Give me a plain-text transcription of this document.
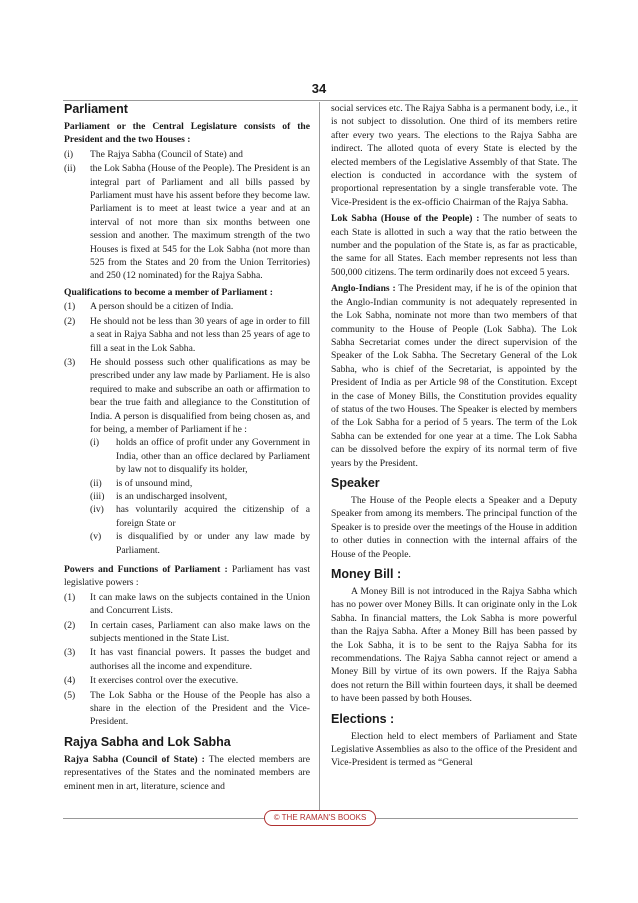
34
Parliament

Parliament or the Central Legislature consists of the President and the two Houses :

(i)	The Rajya Sabha (Council of State) and
(ii)	the Lok Sabha (House of the People). The President is an integral part of Parliament and all bills passed by Parliament must have his assent before they become law. Parliament is to meet at least twice a year and at an interval of not more than six months between one session and another. The maximum strength of the two Houses is fixed at 545 for the Lok Sabha (not more than 525 from the States and 20 from the Union Territories) and 250 (12 nominated) for the Rajya Sabha.

Qualifications to become a member of Parliament :

(1)	A person should be a citizen of India.
(2)	He should not be less than 30 years of age in order to fill a seat in Rajya Sabha and not less than 25 years of age to fill a seat in the Lok Sabha.
(3)	He should possess such other qualifications as may be prescribed under any law made by Parliament. He is also required to make and subscribe an oath or affirmation to bear the true faith and allegiance to the Constitution of India. A person is disqualified from being chosen as, and for being, a member of Parliament if he :
(i)	holds an office of profit under any Government in India, other than an office declared by Parliament by law not to disqualify its holder,
(ii)	is of unsound mind,
(iii)	is an undischarged insolvent,
(iv)	has voluntarily acquired the citizenship of a foreign State or
(v)	is disqualified by or under any law made by Parliament.

Powers and Functions of Parliament : Parliament has vast legislative powers :

(1)	It can make laws on the subjects contained in the Union and Concurrent Lists.
(2)	In certain cases, Parliament can also make laws on the subjects mentioned in the State List.
(3)	It has vast financial powers. It passes the budget and authorises all the income and expenditure.
(4)	It exercises control over the executive.
(5)	The Lok Sabha or the House of the People has also a share in the election of the President and the Vice-President.
Rajya Sabha and Lok Sabha

Rajya Sabha (Council of State) : The elected members are representatives of the States and the nominated members are eminent men in art, literature, science and

social services etc. The Rajya Sabha is a permanent body, i.e., it is not subject to dissolution. One third of its members retire after every two years. The elections to the Rajya Sabha are indirect. The alloted quota of every State is elected by the elected members of the Legislative Assembly of that State. The election is conducted in accordance with the system of proportional representation by a single transferable vote. The Vice-President is the ex-officio Chairman of the Rajya Sabha.

Lok Sabha (House of the People) : The number of seats to each State is allotted in such a way that the ratio between the number and the population of the State is, as far as practicable, the same for all States. Each member represents not less than 500,000 citizens. The term ordinarily does not exceed 5 years.

Anglo-Indians : The President may, if he is of the opinion that the Anglo-Indian community is not adequately represented in the Lok Sabha, nominate not more than two members of that community to the House of People (Lok Sabha). The Lok Sabha Secretariat comes under the direct supervision of the Speaker of the Lok Sabha. The Secretary General of the Lok Sabha, who is chief of the Secretariat, is appointed by the President of India as per Article 98 of the Constitution. Except in the case of Money Bills, the Constitution provides equality of status of the two Houses. The Speaker is elected by members of the Lok Sabha for a period of 5 years. The term of the Lok Sabha can be extended for one year at a time. The Lok Sabha can be dissolved before the expiry of its normal term of five years by the President.

Speaker

The House of the People elects a Speaker and a Deputy Speaker from among its members. The principal function of the Speaker is to preside over the meetings of the House in addition to other duties in connection with the internal affairs of the House of the People.

Money Bill :

A Money Bill is not introduced in the Rajya Sabha which has no power over Money Bills. It can originate only in the Lok Sabha. In financial matters, the Lok Sabha is more powerful than the Rajya Sabha. After a Money Bill has been passed by the Lok Sabha, it is to be sent to the Rajya Sabha for its recommendations. The Rajya Sabha cannot reject or amend a Money Bill by virtue of its own powers. If the Rajya Sabha does not return the Bill within fourteen days, it shall be deemed to have been passed by both Houses.

Elections :

Election held to elect members of Parliament and State Legislative Assemblies as also to the office of the President and Vice-President is termed as “General

© THE RAMAN'S BOOKS
